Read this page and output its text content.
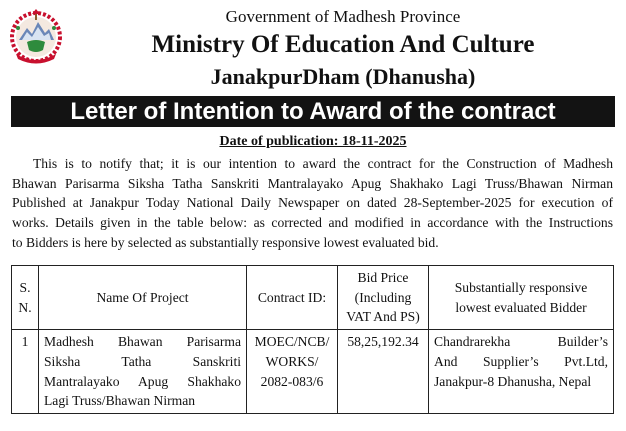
Government of Madhesh Province
Ministry Of Education And Culture
JanakpurDham (Dhanusha)
Letter of Intention to Award of the contract
Date of publication: 18-11-2025
This is to notify that; it is our intention to award the contract for the Construction of Madhesh
Bhawan Parisarma Siksha Tatha Sanskriti Mantralayako Apug Shakhako Lagi Truss/Bhawan Nirman
Published at Janakpur Today National Daily Newspaper on dated 28-September-2025 for execution of
works. Details given in the table below: as corrected and modified in accordance with the Instructions
to Bidders is here by selected as substantially responsive lowest evaluated bid.
S.
N.	Name Of Project	Contract ID:	Bid Price
(Including
VAT And PS)	Substantially responsive
lowest evaluated Bidder

1	Madhesh Bhawan Parisarma
Siksha Tatha Sanskriti
Mantralayako Apug Shakhako
Lagi Truss/Bhawan Nirman	MOEC/NCB/
WORKS/
2082-083/6	58,25,192.34	Chandrarekha Builder’s
And Supplier’s Pvt.Ltd,
Janakpur-8 Dhanusha, Nepal
